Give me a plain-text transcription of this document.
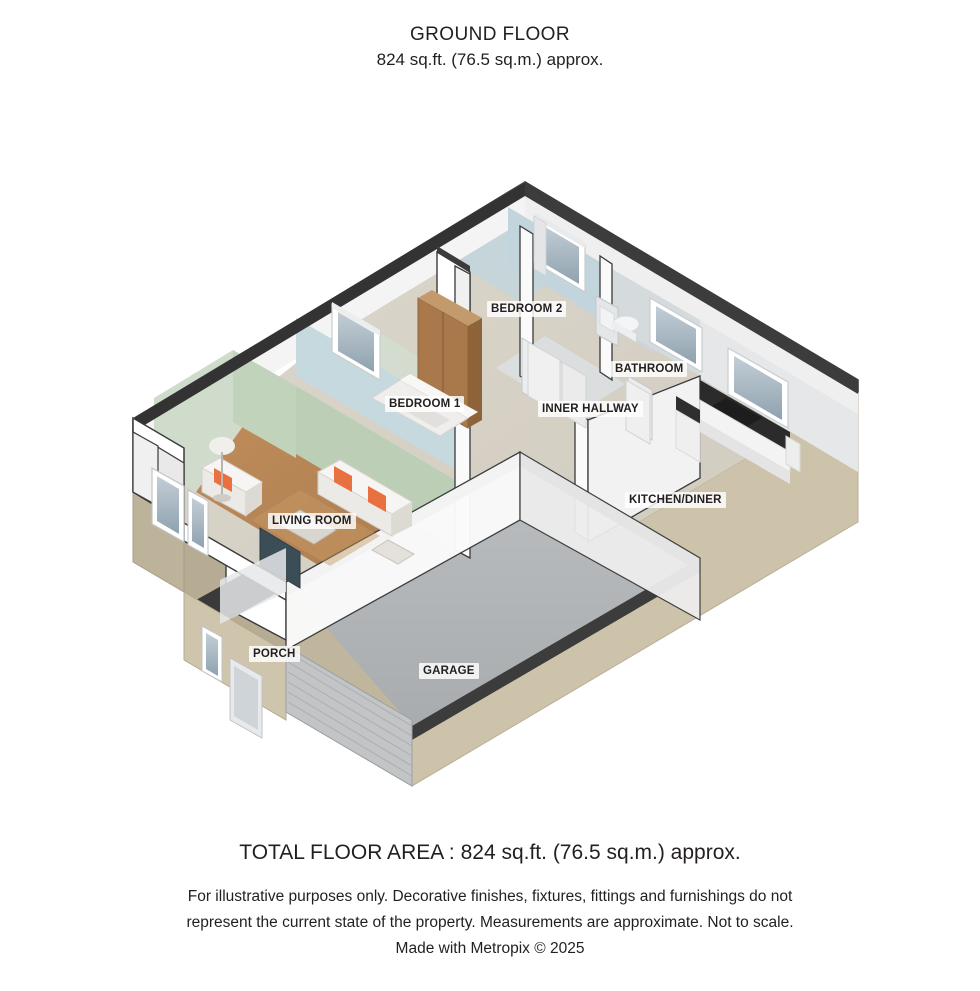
GROUND FLOOR
824 sq.ft. (76.5 sq.m.) approx.
BEDROOM 2
BEDROOM 1
BATHROOM
INNER HALLWAY
KITCHEN/DINER
LIVING ROOM
PORCH
GARAGE
TOTAL FLOOR AREA : 824 sq.ft. (76.5 sq.m.) approx.
For illustrative purposes only. Decorative finishes, fixtures, fittings and furnishings do not
represent the current state of the property. Measurements are approximate. Not to scale.
Made with Metropix © 2025
